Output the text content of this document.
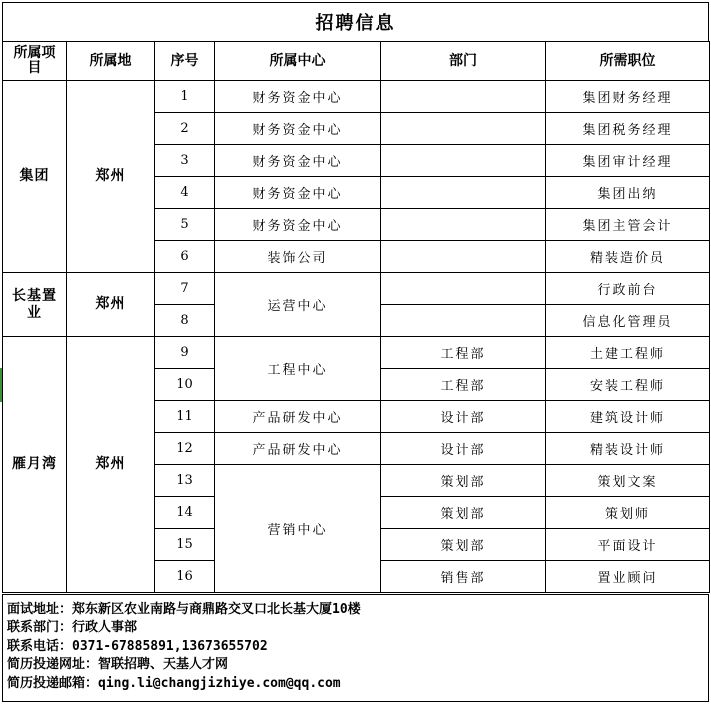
招聘信息
所属项目	所属地	序号	所属中心	部门	所需职位
集团	郑州	1	财务资金中心		集团财务经理
		2	财务资金中心		集团税务经理
		3	财务资金中心		集团审计经理
		4	财务资金中心		集团出纳
		5	财务资金中心		集团主管会计
		6	装饰公司		精装造价员
长基置业	郑州	7	运营中心		行政前台
		8			信息化管理员
雁月湾	郑州	9	工程中心	工程部	土建工程师
		10		工程部	安装工程师
		11	产品研发中心	设计部	建筑设计师
		12	产品研发中心	设计部	精装设计师
		13	营销中心	策划部	策划文案
		14		策划部	策划师
		15		策划部	平面设计
		16		销售部	置业顾问
面试地址：郑东新区农业南路与商鼎路交叉口北长基大厦10楼
联系部门：行政人事部
联系电话：0371-67885891,13673655702
简历投递网址：智联招聘、天基人才网
简历投递邮箱：qing.li@changjizhiye.com@qq.com
